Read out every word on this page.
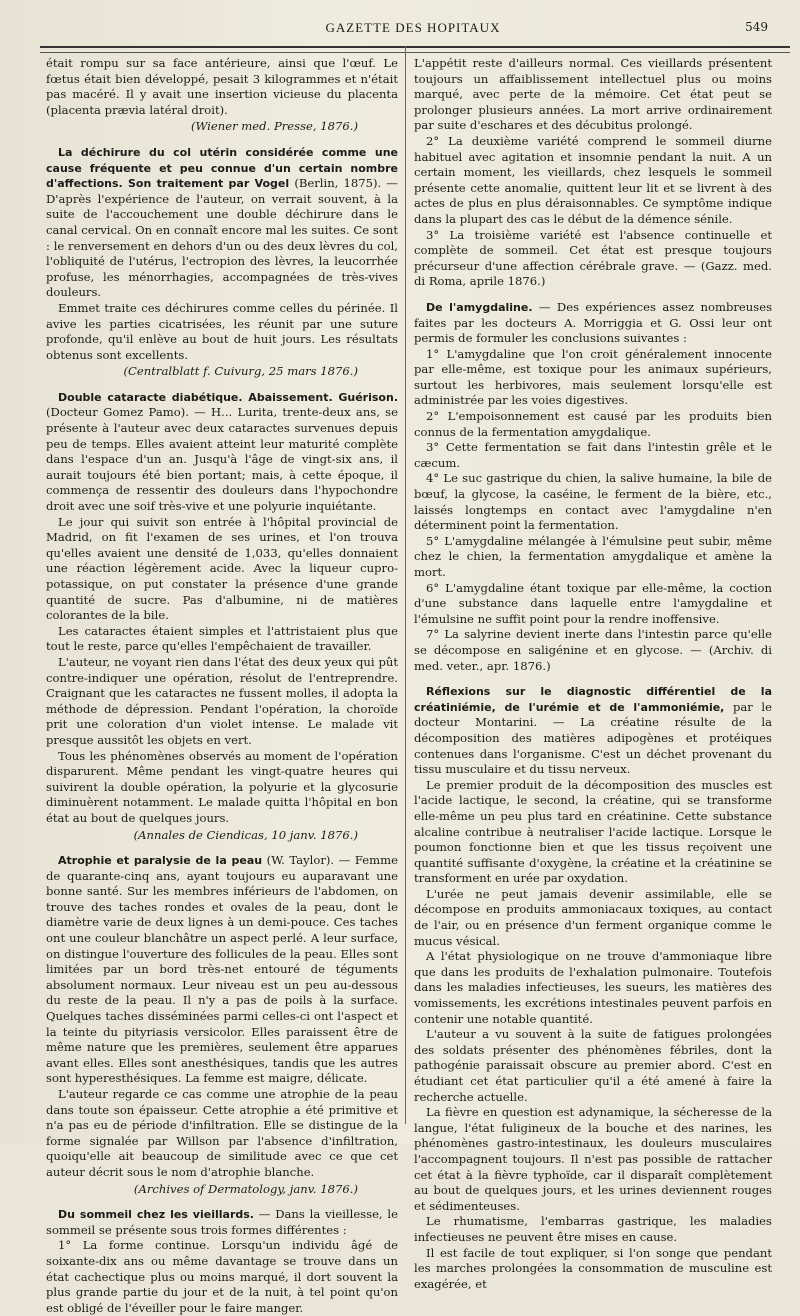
GAZETTE DES HOPITAUX	549

était rompu sur sa face antérieure, ainsi que l'œuf. Le fœtus était bien développé, pesait 3 kilogrammes et n'était pas macéré. Il y avait une insertion vicieuse du placenta (placenta prævia latéral droit).

(Wiener med. Presse, 1876.)

La déchirure du col utérin considérée comme une cause fréquente et peu connue d'un certain nombre d'affections. Son traitement par Vogel (Berlin, 1875). — D'après l'expérience de l'auteur, on verrait souvent, à la suite de l'accouchement une double déchirure dans le canal cervical. On en connaît encore mal les suites. Ce sont : le renversement en dehors d'un ou des deux lèvres du col, l'obliquité de l'utérus, l'ectropion des lèvres, la leucorrhée profuse, les ménorrhagies, accompagnées de très-vives douleurs.

Emmet traite ces déchirures comme celles du périnée. Il avive les parties cicatrisées, les réunit par une suture profonde, qu'il enlève au bout de huit jours. Les résultats obtenus sont excellents.

(Centralblatt f. Cuivurg, 25 mars 1876.)

Double cataracte diabétique. Abaissement. Guérison. (Docteur Gomez Pamo). — H... Lurita, trente-deux ans, se présente à l'auteur avec deux cataractes survenues depuis peu de temps. Elles avaient atteint leur maturité complète dans l'espace d'un an. Jusqu'à l'âge de vingt-six ans, il aurait toujours été bien portant; mais, à cette époque, il commença de ressentir des douleurs dans l'hypochondre droit avec une soif très-vive et une polyurie inquiétante.

Le jour qui suivit son entrée à l'hôpital provincial de Madrid, on fit l'examen de ses urines, et l'on trouva qu'elles avaient une densité de 1,033, qu'elles donnaient une réaction légèrement acide. Avec la liqueur cupro-potassique, on put constater la présence d'une grande quantité de sucre. Pas d'albumine, ni de matières colorantes de la bile.

Les cataractes étaient simples et l'attristaient plus que tout le reste, parce qu'elles l'empêchaient de travailler.

L'auteur, ne voyant rien dans l'état des deux yeux qui pût contre-indiquer une opération, résolut de l'entreprendre. Craignant que les cataractes ne fussent molles, il adopta la méthode de dépression. Pendant l'opération, la choroïde prit une coloration d'un violet intense. Le malade vit presque aussitôt les objets en vert.

Tous les phénomènes observés au moment de l'opération disparurent. Même pendant les vingt-quatre heures qui suivirent la double opération, la polyurie et la glycosurie diminuèrent notamment. Le malade quitta l'hôpital en bon état au bout de quelques jours.

(Annales de Ciendicas, 10 janv. 1876.)

Atrophie et paralysie de la peau (W. Taylor). — Femme de quarante-cinq ans, ayant toujours eu auparavant une bonne santé. Sur les membres inférieurs de l'abdomen, on trouve des taches rondes et ovales de la peau, dont le diamètre varie de deux lignes à un demi-pouce. Ces taches ont une couleur blanchâtre un aspect perlé. A leur surface, on distingue l'ouverture des follicules de la peau. Elles sont limitées par un bord très-net entouré de téguments absolument normaux. Leur niveau est un peu au-dessous du reste de la peau. Il n'y a pas de poils à la surface. Quelques taches disséminées parmi celles-ci ont l'aspect et la teinte du pityriasis versicolor. Elles paraissent être de même nature que les premières, seulement être apparues avant elles. Elles sont anesthésiques, tandis que les autres sont hyperesthésiques. La femme est maigre, délicate.

L'auteur regarde ce cas comme une atrophie de la peau dans toute son épaisseur. Cette atrophie a été primitive et n'a pas eu de période d'infiltration. Elle se distingue de la forme signalée par Willson par l'absence d'infiltration, quoiqu'elle ait beaucoup de similitude avec ce que cet auteur décrit sous le nom d'atrophie blanche.

(Archives of Dermatology, janv. 1876.)

Du sommeil chez les vieillards. — Dans la vieillesse, le sommeil se présente sous trois formes différentes :

1° La forme continue. Lorsqu'un individu âgé de soixante-dix ans ou même davantage se trouve dans un état cachectique plus ou moins marqué, il dort souvent la plus grande partie du jour et de la nuit, à tel point qu'on est obligé de l'éveiller pour le faire manger.

L'appétit reste d'ailleurs normal. Ces vieillards présentent toujours un affaiblissement intellectuel plus ou moins marqué, avec perte de la mémoire. Cet état peut se prolonger plusieurs années. La mort arrive ordinairement par suite d'eschares et des décubitus prolongé.

2° La deuxième variété comprend le sommeil diurne habituel avec agitation et insomnie pendant la nuit. A un certain moment, les vieillards, chez lesquels le sommeil présente cette anomalie, quittent leur lit et se livrent à des actes de plus en plus déraisonnables. Ce symptôme indique dans la plupart des cas le début de la démence sénile.

3° La troisième variété est l'absence continuelle et complète de sommeil. Cet état est presque toujours précurseur d'une affection cérébrale grave. — (Gazz. med. di Roma, aprile 1876.)

De l'amygdaline. — Des expériences assez nombreuses faites par les docteurs A. Morriggia et G. Ossi leur ont permis de formuler les conclusions suivantes :

1° L'amygdaline que l'on croit généralement innocente par elle-même, est toxique pour les animaux supérieurs, surtout les herbivores, mais seulement lorsqu'elle est administrée par les voies digestives.

2° L'empoisonnement est causé par les produits bien connus de la fermentation amygdalique.

3° Cette fermentation se fait dans l'intestin grêle et le cæcum.

4° Le suc gastrique du chien, la salive humaine, la bile de bœuf, la glycose, la caséine, le ferment de la bière, etc., laissés longtemps en contact avec l'amygdaline n'en déterminent point la fermentation.

5° L'amygdaline mélangée à l'émulsine peut subir, même chez le chien, la fermentation amygdalique et amène la mort.

6° L'amygdaline étant toxique par elle-même, la coction d'une substance dans laquelle entre l'amygdaline et l'émulsine ne suffit point pour la rendre inoffensive.

7° La salyrine devient inerte dans l'intestin parce qu'elle se décompose en saligénine et en glycose. — (Archiv. di med. veter., apr. 1876.)

Réflexions sur le diagnostic différentiel de la créatiniémie, de l'urémie et de l'ammoniémie, par le docteur Montarini. — La créatine résulte de la décomposition des matières adipogènes et protéiques contenues dans l'organisme. C'est un déchet provenant du tissu musculaire et du tissu nerveux.

Le premier produit de la décomposition des muscles est l'acide lactique, le second, la créatine, qui se transforme elle-même un peu plus tard en créatinine. Cette substance alcaline contribue à neutraliser l'acide lactique. Lorsque le poumon fonctionne bien et que les tissus reçoivent une quantité suffisante d'oxygène, la créatine et la créatinine se transforment en urée par oxydation.

L'urée ne peut jamais devenir assimilable, elle se décompose en produits ammoniacaux toxiques, au contact de l'air, ou en présence d'un ferment organique comme le mucus vésical.

A l'état physiologique on ne trouve d'ammoniaque libre que dans les produits de l'exhalation pulmonaire. Toutefois dans les maladies infectieuses, les sueurs, les matières des vomissements, les excrétions intestinales peuvent parfois en contenir une notable quantité.

L'auteur a vu souvent à la suite de fatigues prolongées des soldats présenter des phénomènes fébriles, dont la pathogénie paraissait obscure au premier abord. C'est en étudiant cet état particulier qu'il a été amené à faire la recherche actuelle.

La fièvre en question est adynamique, la sécheresse de la langue, l'état fuligineux de la bouche et des narines, les phénomènes gastro-intestinaux, les douleurs musculaires l'accompagnent toujours. Il n'est pas possible de rattacher cet état à la fièvre typhoïde, car il disparaît complètement au bout de quelques jours, et les urines deviennent rouges et sédimenteuses.

Le rhumatisme, l'embarras gastrique, les maladies infectieuses ne peuvent être mises en cause.

Il est facile de tout expliquer, si l'on songe que pendant les marches prolongées la consommation de musculine est exagérée, et
